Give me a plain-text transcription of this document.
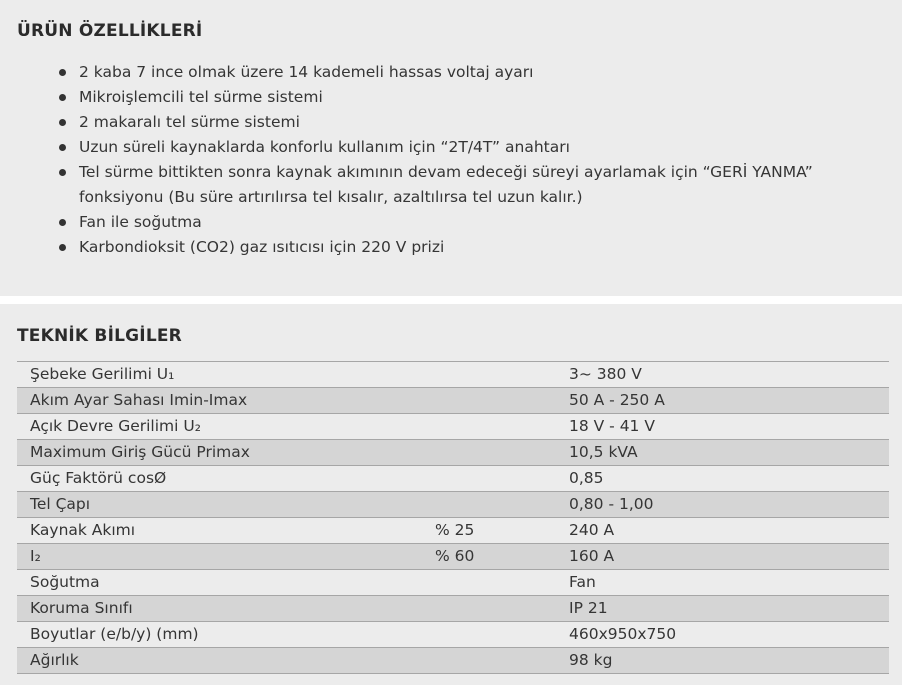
ÜRÜN ÖZELLİKLERİ
2 kaba 7 ince olmak üzere 14 kademeli hassas voltaj ayarı
Mikroişlemcili tel sürme sistemi
2 makaralı tel sürme sistemi
Uzun süreli kaynaklarda konforlu kullanım için “2T/4T” anahtarı
Tel sürme bittikten sonra kaynak akımının devam edeceği süreyi ayarlamak için “GERİ YANMA” fonksiyonu (Bu süre artırılırsa tel kısalır, azaltılırsa tel uzun kalır.)
Fan ile soğutma
Karbondioksit (CO2) gaz ısıtıcısı için 220 V prizi
TEKNİK BİLGİLER
Şebeke Gerilimi U₁		3~ 380 V
Akım Ayar Sahası Imin-Imax		50 A - 250 A
Açık Devre Gerilimi U₂		18 V - 41 V
Maximum Giriş Gücü Primax		10,5 kVA
Güç Faktörü cosØ		0,85
Tel Çapı		0,80 - 1,00
Kaynak Akımı	% 25	240 A
I₂	% 60	160 A
Soğutma		Fan
Koruma Sınıfı		IP 21
Boyutlar (e/b/y) (mm)		460x950x750
Ağırlık		98 kg
